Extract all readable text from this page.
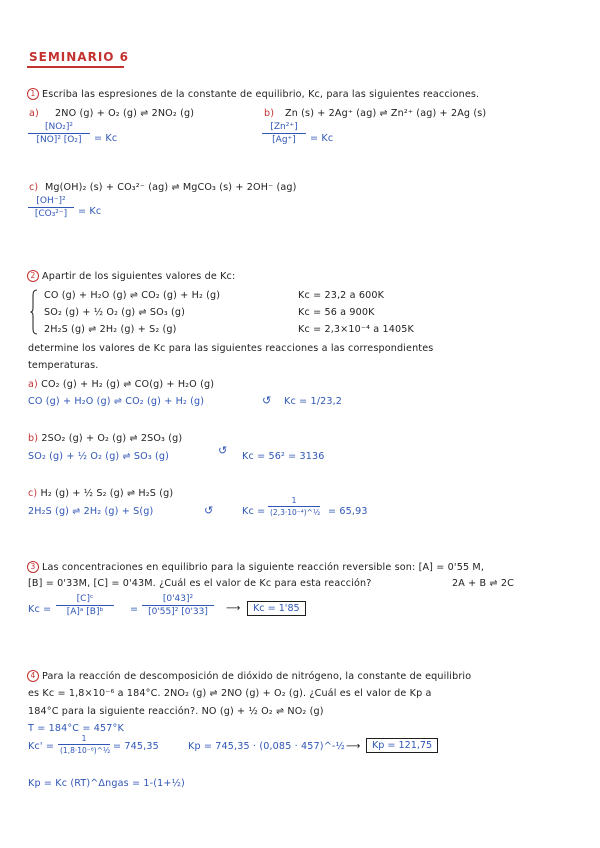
SEMINARIO 6
1 Escriba las espresiones de la constante de equilibrio, Kc, para las siguientes reacciones.
a) 2NO (g) + O₂ (g) ⇌ 2NO₂ (g)	b) Zn (s) + 2Ag⁺ (ag) ⇌ Zn²⁺ (ag) + 2Ag (s)
[NO₂]²
[NO]² [O₂]	= Kc
[Zn²⁺]
[Ag⁺]	= Kc
c) Mg(OH)₂ (s) + CO₃²⁻ (ag) ⇌ MgCO₃ (s) + 2OH⁻ (ag)
[OH⁻]²
[CO₃²⁻]	= Kc
2 Apartir de los siguientes valores de Kc:
CO (g) + H₂O (g) ⇌ CO₂ (g) + H₂ (g)	Kc = 23,2 a 600K
SO₂ (g) + ½ O₂ (g) ⇌ SO₃ (g)	Kc = 56 a 900K
2H₂S (g) ⇌ 2H₂ (g) + S₂ (g)	Kc = 2,3×10⁻⁴ a 1405K
determine los valores de Kc para las siguientes reacciones a las correspondientes
temperaturas.
a) CO₂ (g) + H₂ (g) ⇌ CO(g) + H₂O (g)
CO (g) + H₂O (g) ⇌ CO₂ (g) + H₂ (g)	↺ Kc = 1/23,2
b) 2SO₂ (g) + O₂ (g) ⇌ 2SO₃ (g)
SO₂ (g) + ½ O₂ (g) ⇌ SO₃ (g)	↺ Kc = 56² = 3136
c) H₂ (g) + ½ S₂ (g) ⇌ H₂S (g)
2H₂S (g) ⇌ 2H₂ (g) + S(g)	↺	Kc =
1
(2,3·10⁻⁴)^½ = 65,93
3 Las concentraciones en equilibrio para la siguiente reacción reversible son: [A] = 0'55 M,
[B] = 0'33M, [C] = 0'43M. ¿Cuál es el valor de Kc para esta reacción?	2A + B ⇌ 2C
Kc =
[C]ᶜ
[A]ᵃ [B]ᵇ	=
[0'43]²
[0'55]² [0'33]	⟶	Kc = 1'85
4 Para la reacción de descomposición de dióxido de nitrógeno, la constante de equilibrio
es Kc = 1,8×10⁻⁶ a 184°C. 2NO₂ (g) ⇌ 2NO (g) + O₂ (g). ¿Cuál es el valor de Kp a
184°C para la siguiente reacción?. NO (g) + ½ O₂ ⇌ NO₂ (g)
T = 184°C = 457°K
Kc' =
1
(1,8·10⁻⁶)^½ = 745,35	Kp = 745,35 · (0,085 · 457)^-½ ⟶	Kp = 121,75
Kp = Kc (RT)^Δngas = 1-(1+½)
